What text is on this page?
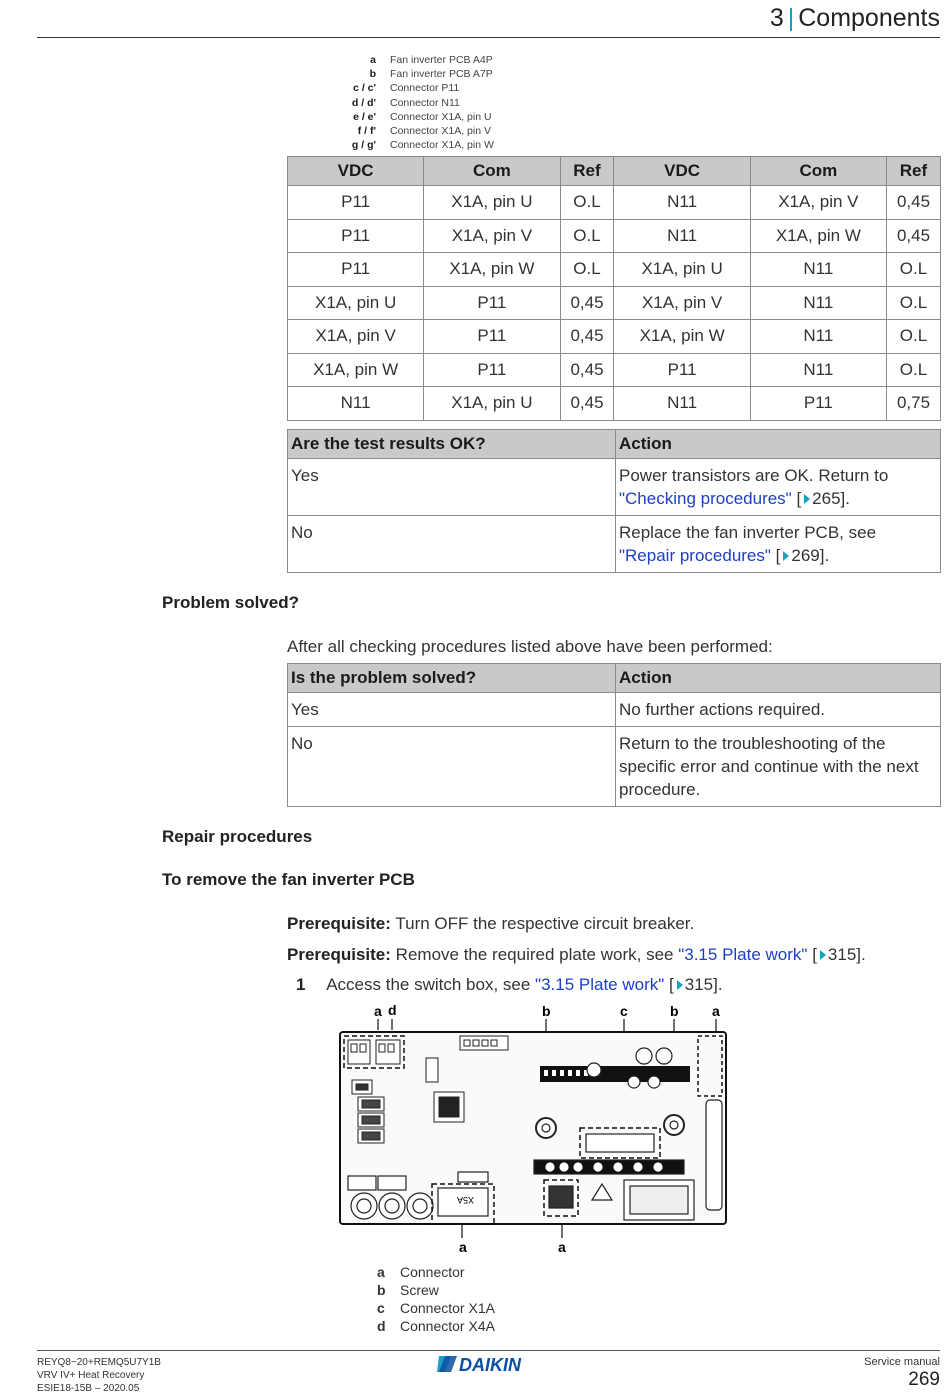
3 | Components
a	Fan inverter PCB A4P
b	Fan inverter PCB A7P
c / c'	Connector P11
d / d'	Connector N11
e / e'	Connector X1A, pin U
f / f'	Connector X1A, pin V
g / g'	Connector X1A, pin W
VDC	Com	Ref	VDC	Com	Ref
P11	X1A, pin U	O.L	N11	X1A, pin V	0,45
P11	X1A, pin V	O.L	N11	X1A, pin W	0,45
P11	X1A, pin W	O.L	X1A, pin U	N11	O.L
X1A, pin U	P11	0,45	X1A, pin V	N11	O.L
X1A, pin V	P11	0,45	X1A, pin W	N11	O.L
X1A, pin W	P11	0,45	P11	N11	O.L
N11	X1A, pin U	0,45	N11	P11	0,75
Are the test results OK?	Action
Yes	Power transistors are OK. Return to
"Checking procedures" [ 265].
No	Replace the fan inverter PCB, see
"Repair procedures" [ 269].
Problem solved?
After all checking procedures listed above have been performed:
Is the problem solved?	Action
Yes	No further actions required.
No	Return to the troubleshooting of the specific error and continue with the next procedure.
Repair procedures
To remove the fan inverter PCB
Prerequisite: Turn OFF the respective circuit breaker.
Prerequisite: Remove the required plate work, see "3.15 Plate work" [ 315].
1 Access the switch box, see "3.15 Plate work" [ 315].
a d	b	c	b a
a	a
X5A
a	Connector
b	Screw
c	Connector X1A
d	Connector X4A
REYQ8~20+REMQ5U7Y1B
VRV IV+ Heat Recovery
ESIE18-15B – 2020.05
DAIKIN	Service manual
269
